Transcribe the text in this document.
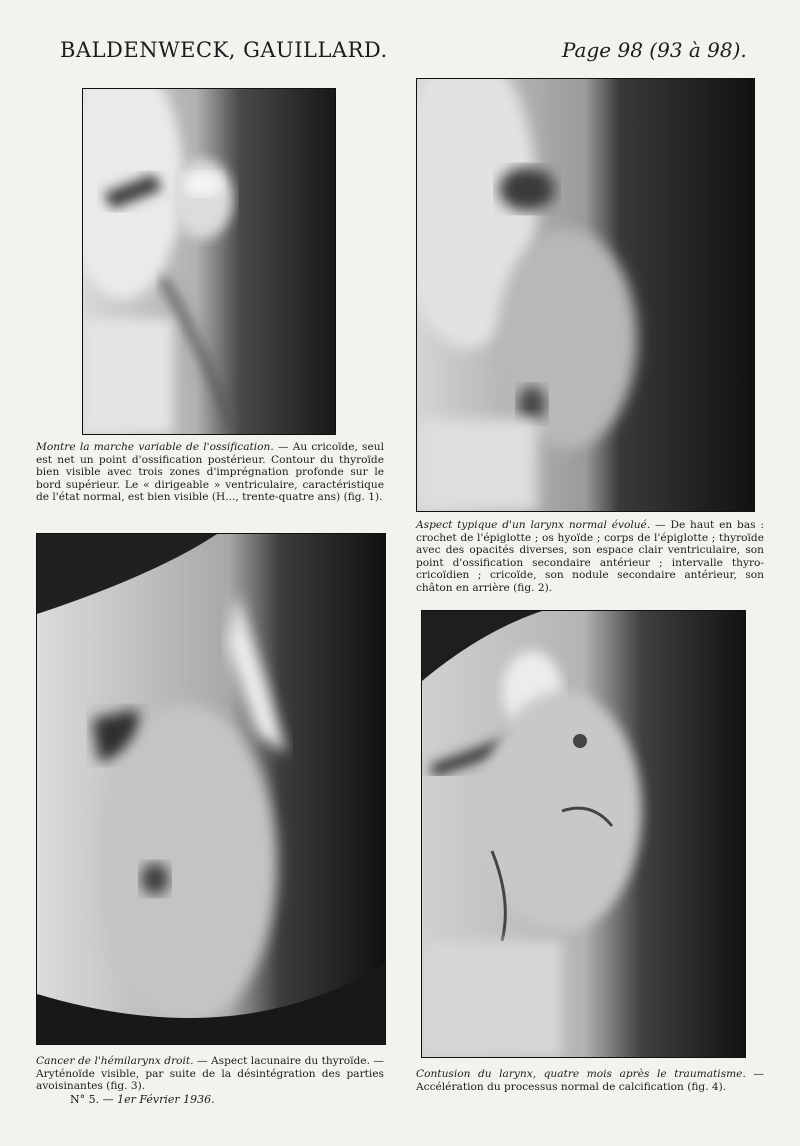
BALDENWECK, GAUILLARD.	Page 98 (93 à 98).
Montre la marche variable de l'ossification. — Au cricoïde, seul est net un point d'ossification postérieur. Contour du thyroïde bien visible avec trois zones d'imprégnation profonde sur le bord supérieur. Le « dirigeable » ventriculaire, caractéristique de l'état normal, est bien visible (H..., trente-quatre ans) (fig. 1).
Aspect typique d'un larynx normal évolué. — De haut en bas : crochet de l'épiglotte ; os hyoïde ; corps de l'épiglotte ; thyroïde avec des opacités diverses, son espace clair ventriculaire, son point d'ossification secondaire antérieur ; intervalle thyro-cricoïdien ; cricoïde, son nodule secondaire antérieur, son châton en arrière (fig. 2).
Cancer de l'hémilarynx droit. — Aspect lacunaire du thyroïde. — Aryténoïde visible, par suite de la désintégration des parties avoisinantes (fig. 3).
Contusion du larynx, quatre mois après le traumatisme. — Accélération du processus normal de calcification (fig. 4).
N° 5. — 1er Février 1936.
